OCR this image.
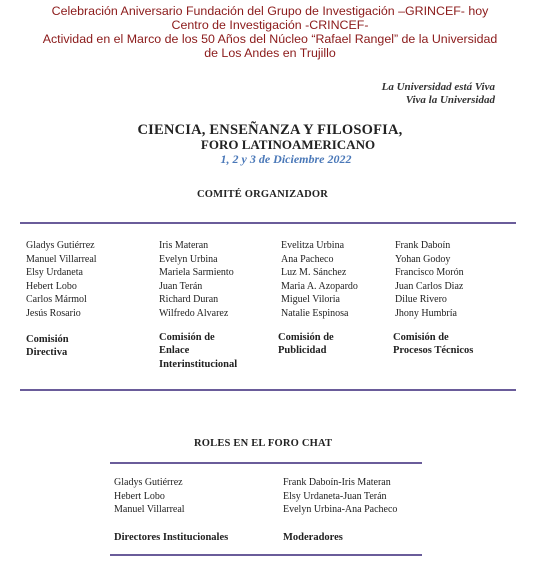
Celebración Aniversario Fundación del Grupo de Investigación –GRINCEF- hoy
Centro de Investigación -CRINCEF-
Actividad en el Marco de los 50 Años del Núcleo “Rafael Rangel” de la Universidad
de Los Andes en Trujillo
La Universidad está Viva
Viva la Universidad
CIENCIA, ENSEÑANZA Y FILOSOFIA,
FORO LATINOAMERICANO
1, 2 y 3 de Diciembre 2022
COMITÉ ORGANIZADOR
Gladys Gutiérrez
Manuel Villarreal
Elsy Urdaneta
Hebert Lobo
Carlos Mármol
Jesús Rosario
Comisión
Directiva
Iris Materan
Evelyn Urbina
Mariela Sarmiento
Juan Terán
Richard Duran
Wilfredo Alvarez
Comisión de
Enlace
Interinstitucional
Evelitza Urbina
Ana Pacheco
Luz M. Sánchez
Maria A. Azopardo
Miguel Viloria
Natalie Espinosa
Comisión de
Publicidad
Frank Daboín
Yohan Godoy
Francisco Morón
Juan Carlos Diaz
Dilue Rivero
Jhony Humbría
Comisión de
Procesos Técnicos
ROLES EN EL FORO CHAT
Gladys Gutiérrez
Hebert Lobo
Manuel Villarreal
Directores Institucionales
Frank Daboín-Iris Materan
Elsy Urdaneta-Juan Terán
Evelyn Urbina-Ana Pacheco
Moderadores
